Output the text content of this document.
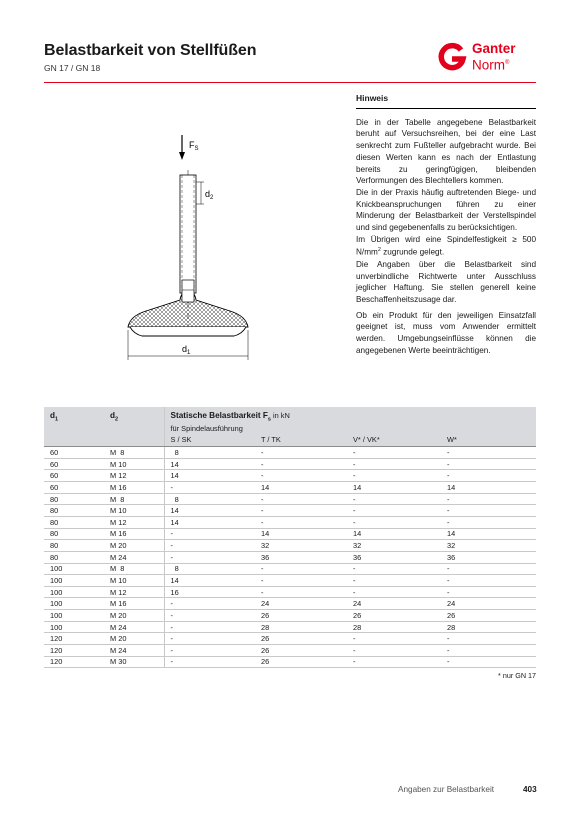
Belastbarkeit von Stellfüßen
GN 17 / GN 18
Ganter
Norm®
$F_S$
$d_2$
$d_1$
Hinweis

Die in der Tabelle angegebene Belastbarkeit beruht auf Versuchsreihen, bei der eine Last senkrecht zum Fußteller aufgebracht wurde. Bei diesen Werten kann es nach der Entlastung bereits zu geringfügigen, bleibenden Verformungen des Blechtellers kommen.

Die in der Praxis häufig auftretenden Biege- und Knickbeanspruchungen führen zu einer Minderung der Belastbarkeit der Verstellspindel und sind gegebenenfalls zu berücksichtigen.

Im Übrigen wird eine Spindelfestigkeit ≥ 500 $N/mm^2$ zugrunde gelegt.

Die Angaben über die Belastbarkeit sind unverbindliche Richtwerte unter Ausschluss jeglicher Haftung. Sie stellen generell keine Beschaffenheitszusage dar.

Ob ein Produkt für den jeweiligen Einsatzfall geeignet ist, muss vom Anwender ermittelt werden. Umgebungseinflüsse können die angegebenen Werte beeinträchtigen.

$d_1$	$d_2$	Statische Belastbarkeit $F_s$ in kN			
		für Spindelausführung			
		S / SK	T / TK	V* / VK*	W*
60	M  8	8	-	-	-
60	M 10	14	-	-	-
60	M 12	14	-	-	-
60	M 16	-	14	14	14
80	M  8	8	-	-	-
80	M 10	14	-	-	-
80	M 12	14	-	-	-
80	M 16	-	14	14	14
80	M 20	-	32	32	32
80	M 24	-	36	36	36
100	M  8	8	-	-	-
100	M 10	14	-	-	-
100	M 12	16	-	-	-
100	M 16	-	24	24	24
100	M 20	-	26	26	26
100	M 24	-	28	28	28
120	M 20	-	26	-	-
120	M 24	-	26	-	-
120	M 30	-	26	-	-
* nur GN 17
Angaben zur Belastbarkeit	403
